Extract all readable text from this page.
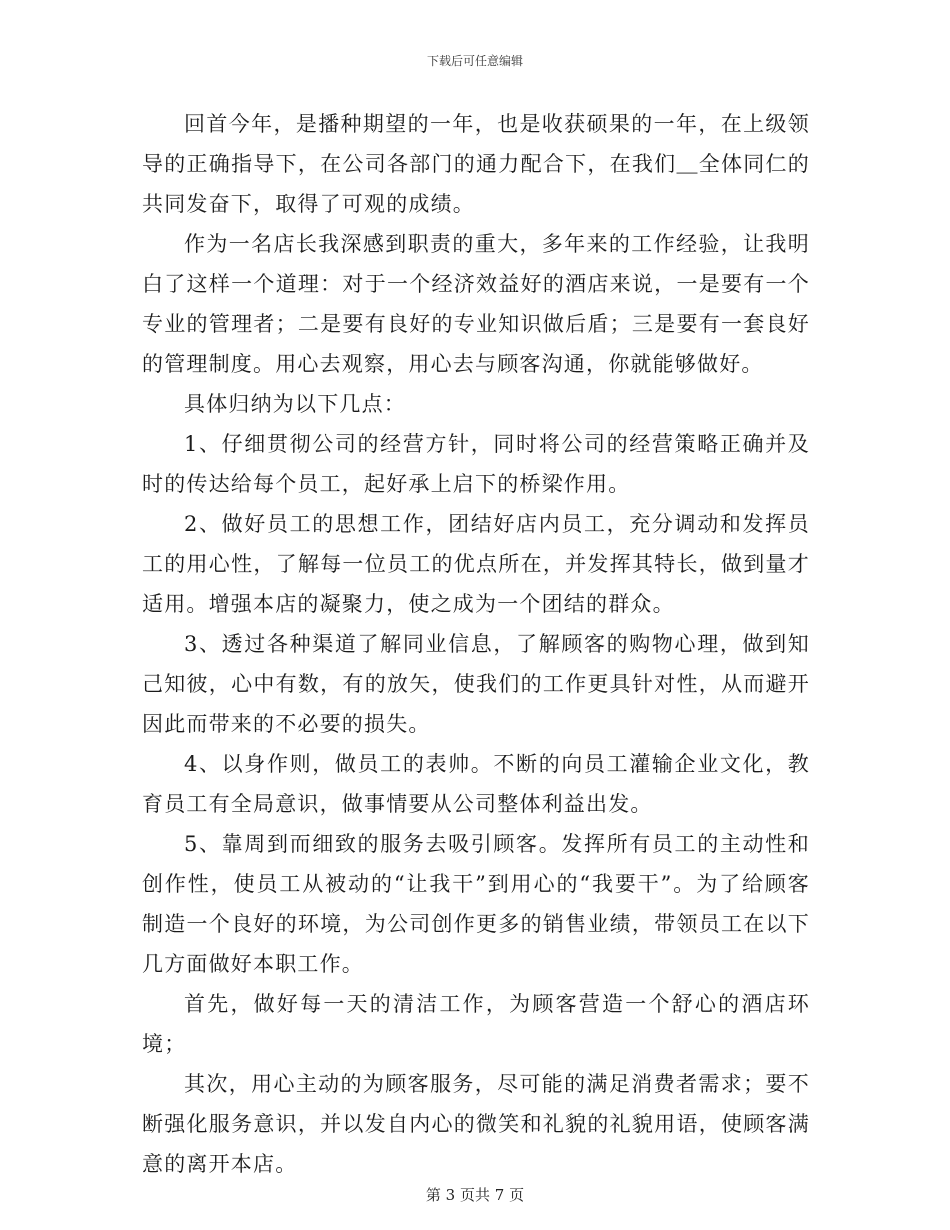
下载后可任意编辑

回首今年，是播种期望的一年，也是收获硕果的一年，在上级领导的正确指导下，在公司各部门的通力配合下，在我们＿全体同仁的共同发奋下，取得了可观的成绩。

作为一名店长我深感到职责的重大，多年来的工作经验，让我明白了这样一个道理：对于一个经济效益好的酒店来说，一是要有一个专业的管理者；二是要有良好的专业知识做后盾；三是要有一套良好的管理制度。用心去观察，用心去与顾客沟通，你就能够做好。

具体归纳为以下几点：

1、仔细贯彻公司的经营方针，同时将公司的经营策略正确并及时的传达给每个员工，起好承上启下的桥梁作用。

2、做好员工的思想工作，团结好店内员工，充分调动和发挥员工的用心性，了解每一位员工的优点所在，并发挥其特长，做到量才适用。增强本店的凝聚力，使之成为一个团结的群众。

3、透过各种渠道了解同业信息，了解顾客的购物心理，做到知己知彼，心中有数，有的放矢，使我们的工作更具针对性，从而避开因此而带来的不必要的损失。

4、以身作则，做员工的表帅。不断的向员工灌输企业文化，教育员工有全局意识，做事情要从公司整体利益出发。

5、靠周到而细致的服务去吸引顾客。发挥所有员工的主动性和创作性，使员工从被动的“让我干”到用心的“我要干”。为了给顾客制造一个良好的环境，为公司创作更多的销售业绩，带领员工在以下几方面做好本职工作。

首先，做好每一天的清洁工作，为顾客营造一个舒心的酒店环境；

其次，用心主动的为顾客服务，尽可能的满足消费者需求；要不断强化服务意识，并以发自内心的微笑和礼貌的礼貌用语，使顾客满意的离开本店。

第 3 页共 7 页
